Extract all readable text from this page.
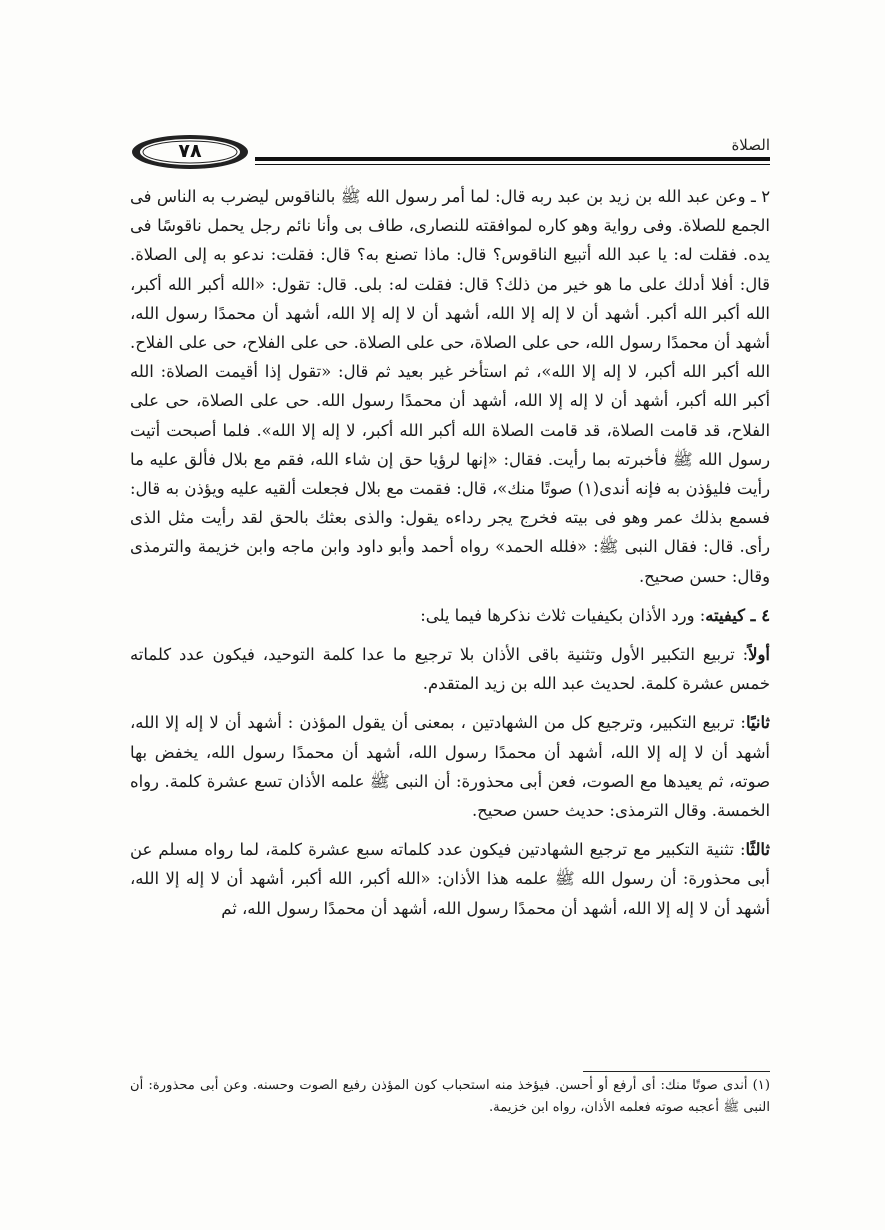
٧٨	الصلاة

٢ ـ وعن عبد الله بن زيد بن عبد ربه قال: لما أمر رسول الله ﷺ بالناقوس ليضرب به الناس فى الجمع للصلاة. وفى رواية وهو كاره لموافقته للنصارى، طاف بى وأنا نائم رجل يحمل ناقوسًا فى يده. فقلت له: يا عبد الله أتبيع الناقوس؟ قال: ماذا تصنع به؟ قال: فقلت: ندعو به إلى الصلاة. قال: أفلا أدلك على ما هو خير من ذلك؟ قال: فقلت له: بلى. قال: تقول: «الله أكبر الله أكبر، الله أكبر الله أكبر. أشهد أن لا إله إلا الله، أشهد أن لا إله إلا الله، أشهد أن محمدًا رسول الله، أشهد أن محمدًا رسول الله، حى على الصلاة، حى على الصلاة. حى على الفلاح، حى على الفلاح. الله أكبر الله أكبر، لا إله إلا الله»، ثم استأخر غير بعيد ثم قال: «تقول إذا أقيمت الصلاة: الله أكبر الله أكبر، أشهد أن لا إله إلا الله، أشهد أن محمدًا رسول الله. حى على الصلاة، حى على الفلاح، قد قامت الصلاة، قد قامت الصلاة الله أكبر الله أكبر، لا إله إلا الله». فلما أصبحت أتيت رسول الله ﷺ فأخبرته بما رأيت. فقال: «إنها لرؤيا حق إن شاء الله، فقم مع بلال فألق عليه ما رأيت فليؤذن به فإنه أندى(١) صوتًا منك»، قال: فقمت مع بلال فجعلت ألقيه عليه ويؤذن به قال: فسمع بذلك عمر وهو فى بيته فخرج يجر رداءه يقول: والذى بعثك بالحق لقد رأيت مثل الذى رأى. قال: فقال النبى ﷺ: «فلله الحمد» رواه أحمد وأبو داود وابن ماجه وابن خزيمة والترمذى وقال: حسن صحيح.

٤ ـ كيفيته: ورد الأذان بكيفيات ثلاث نذكرها فيما يلى:

أولاً: تربيع التكبير الأول وتثنية باقى الأذان بلا ترجيع ما عدا كلمة التوحيد، فيكون عدد كلماته خمس عشرة كلمة. لحديث عبد الله بن زيد المتقدم.

ثانيًا: تربيع التكبير، وترجيع كل من الشهادتين ، بمعنى أن يقول المؤذن : أشهد أن لا إله إلا الله، أشهد أن لا إله إلا الله، أشهد أن محمدًا رسول الله، أشهد أن محمدًا رسول الله، يخفض بها صوته، ثم يعيدها مع الصوت، فعن أبى محذورة: أن النبى ﷺ علمه الأذان تسع عشرة كلمة. رواه الخمسة. وقال الترمذى: حديث حسن صحيح.

ثالثًا: تثنية التكبير مع ترجيع الشهادتين فيكون عدد كلماته سبع عشرة كلمة، لما رواه مسلم عن أبى محذورة: أن رسول الله ﷺ علمه هذا الأذان: «الله أكبر، الله أكبر، أشهد أن لا إله إلا الله، أشهد أن لا إله إلا الله، أشهد أن محمدًا رسول الله، أشهد أن محمدًا رسول الله، ثم

(١) أندى صوتًا منك: أى أرفع أو أحسن. فيؤخذ منه استحباب كون المؤذن رفيع الصوت وحسنه. وعن أبى محذورة: أن النبى ﷺ أعجبه صوته فعلمه الأذان، رواه ابن خزيمة.
